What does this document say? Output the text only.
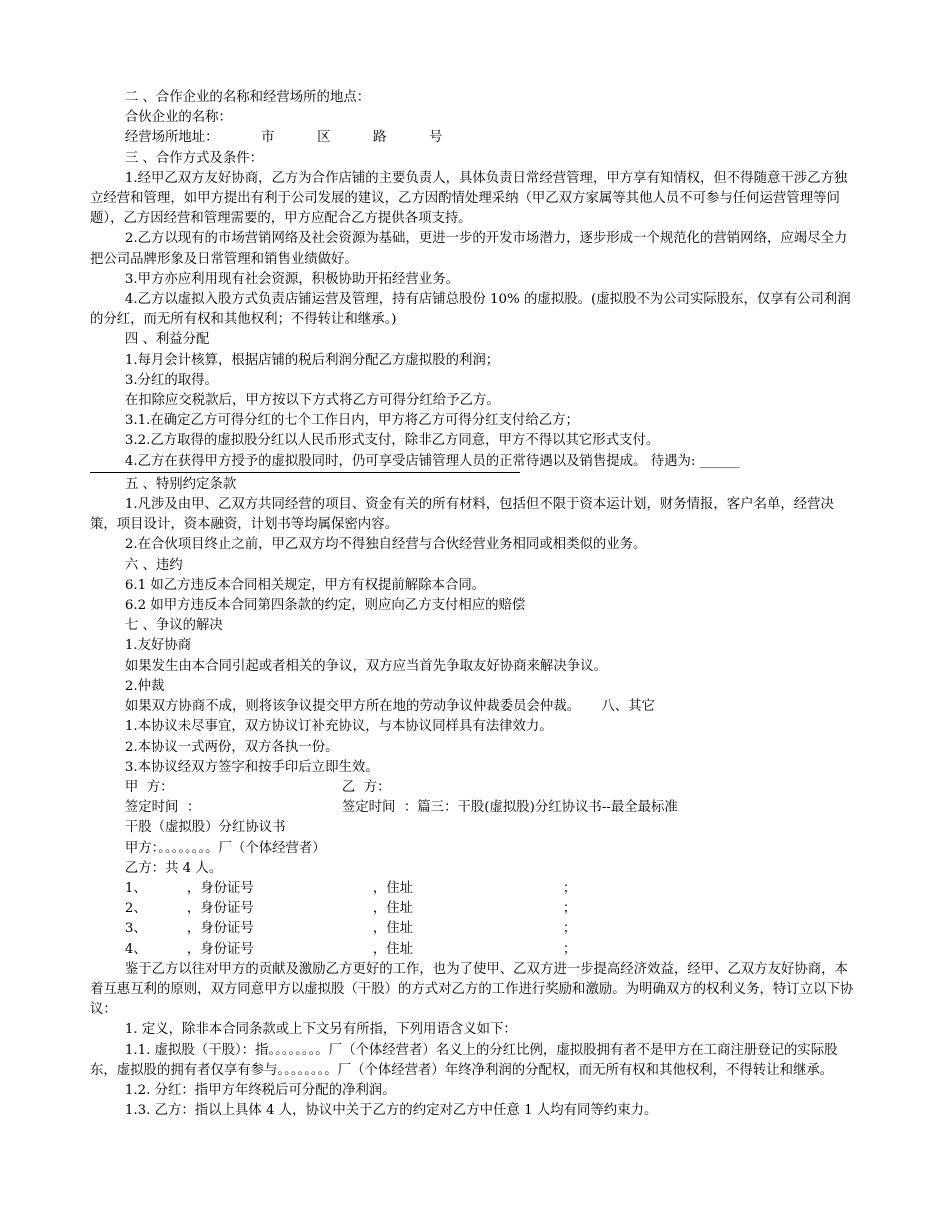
二 、合作企业的名称和经营场所的地点：

合伙企业的名称：

经营场所地址：          市          区          路          号

三 、合作方式及条件：

1.经甲乙双方友好协商，乙方为合作店铺的主要负责人，具体负责日常经营管理，甲方享有知情权，但不得随意干涉乙方独立经营和管理，如甲方提出有利于公司发展的建议，乙方因酌情处理采纳（甲乙双方家属等其他人员不可参与任何运营管理等问题），乙方因经营和管理需要的，甲方应配合乙方提供各项支持。

2.乙方以现有的市场营销网络及社会资源为基础，更进一步的开发市场潜力，逐步形成一个规范化的营销网络，应竭尽全力把公司品牌形象及日常管理和销售业绩做好。

3.甲方亦应利用现有社会资源，积极协助开拓经营业务。

4.乙方以虚拟入股方式负责店铺运营及管理，持有店铺总股份 10% 的虚拟股。(虚拟股不为公司实际股东，仅享有公司利润的分红，而无所有权和其他权利；不得转让和继承。)

四 、利益分配

1.每月会计核算，根据店铺的税后利润分配乙方虚拟股的利润；

3.分红的取得。

在扣除应交税款后，甲方按以下方式将乙方可得分红给予乙方。

3.1.在确定乙方可得分红的七个工作日内，甲方将乙方可得分红支付给乙方；

3.2.乙方取得的虚拟股分红以人民币形式支付，除非乙方同意，甲方不得以其它形式支付。

4.乙方在获得甲方授予的虚拟股同时，仍可享受店铺管理人员的正常待遇以及销售提成。 待遇为: ______

五 、特别约定条款

1.凡涉及由甲、乙双方共同经营的项目、资金有关的所有材料，包括但不限于资本运计划，财务情报，客户名单，经营决策，项目设计，资本融资，计划书等均属保密内容。

2.在合伙项目终止之前，甲乙双方均不得独自经营与合伙经营业务相同或相类似的业务。

六 、违约

6.1 如乙方违反本合同相关规定，甲方有权提前解除本合同。

6.2 如甲方违反本合同第四条款的约定，则应向乙方支付相应的赔偿

七 、争议的解决

1.友好协商

如果发生由本合同引起或者相关的争议，双方应当首先争取友好协商来解决争议。

2.仲裁

如果双方协商不成，则将该争议提交甲方所在地的劳动争议仲裁委员会仲裁。     八、其它

1.本协议未尽事宜，双方协议订补充协议，与本协议同样具有法律效力。

2.本协议一式两份，双方各执一份。

3.本协议经双方签字和按手印后立即生效。

甲  方：	乙  方：
签定时间  ：	签定时间  ：篇三：干股(虚拟股)分红协议书--最全最标准

干股（虚拟股）分红协议书

甲方：。。。。。。。。厂（个体经营者）

乙方：共 4 人。

1、	，身份证号	，住址	；
2、	，身份证号	，住址	；
3、	，身份证号	，住址	；
4、	，身份证号	，住址	；

鉴于乙方以往对甲方的贡献及激励乙方更好的工作，也为了使甲、乙双方进一步提高经济效益，经甲、乙双方友好协商，本着互惠互利的原则，双方同意甲方以虚拟股（干股）的方式对乙方的工作进行奖励和激励。为明确双方的权利义务，特订立以下协议：

1. 定义，除非本合同条款或上下文另有所指，下列用语含义如下：

1.1. 虚拟股（干股）：指。。。。。。。。厂（个体经营者）名义上的分红比例，虚拟股拥有者不是甲方在工商注册登记的实际股东，虚拟股的拥有者仅享有参与。。。。。。。。厂（个体经营者）年终净利润的分配权，而无所有权和其他权利，不得转让和继承。

1.2. 分红：指甲方年终税后可分配的净利润。

1.3. 乙方：指以上具体 4 人，协议中关于乙方的约定对乙方中任意 1 人均有同等约束力。
